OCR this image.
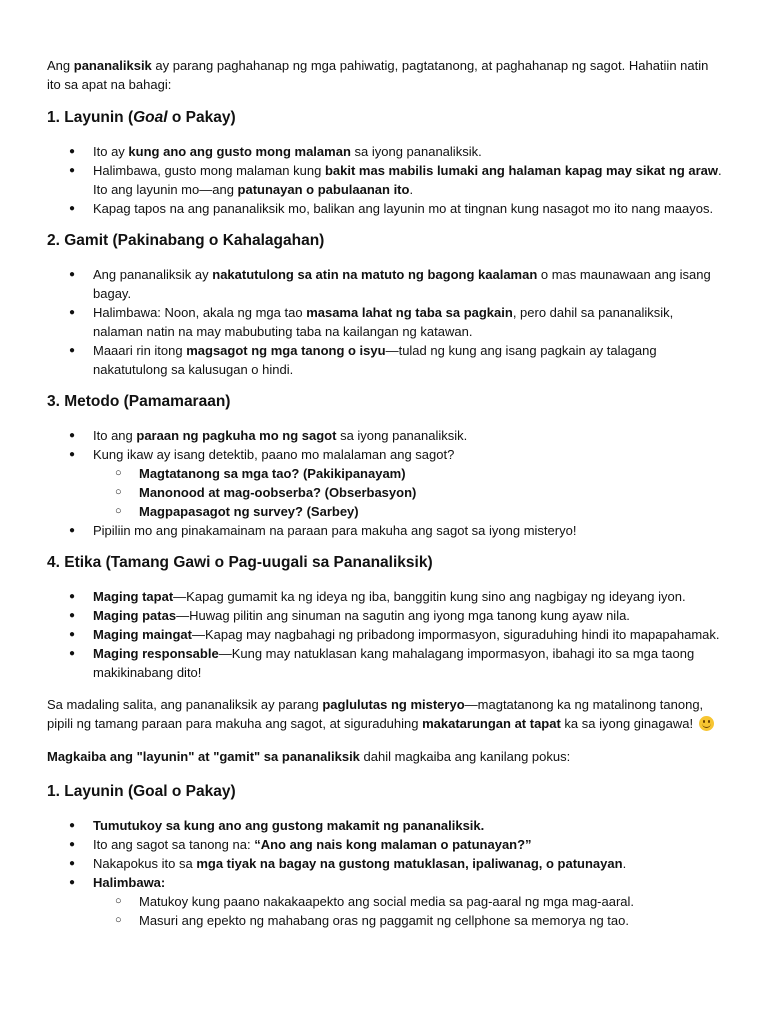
Ang pananaliksik ay parang paghahanap ng mga pahiwatig, pagtatanong, at paghahanap ng sagot. Hahatiin natin ito sa apat na bahagi:

1. Layunin (Goal o Pakay)
● Ito ay kung ano ang gusto mong malaman sa iyong pananaliksik.
● Halimbawa, gusto mong malaman kung bakit mas mabilis lumaki ang halaman kapag may sikat ng araw. Ito ang layunin mo—ang patunayan o pabulaanan ito.
● Kapag tapos na ang pananaliksik mo, balikan ang layunin mo at tingnan kung nasagot mo ito nang maayos.
2. Gamit (Pakinabang o Kahalagahan)
● Ang pananaliksik ay nakatutulong sa atin na matuto ng bagong kaalaman o mas maunawaan ang isang bagay.
● Halimbawa: Noon, akala ng mga tao masama lahat ng taba sa pagkain, pero dahil sa pananaliksik, nalaman natin na may mabubuting taba na kailangan ng katawan.
● Maaari rin itong magsagot ng mga tanong o isyu—tulad ng kung ang isang pagkain ay talagang nakatutulong sa kalusugan o hindi.
3. Metodo (Pamamaraan)
● Ito ang paraan ng pagkuha mo ng sagot sa iyong pananaliksik.
● Kung ikaw ay isang detektib, paano mo malalaman ang sagot?
○ Magtatanong sa mga tao? (Pakikipanayam)
○ Manonood at mag-oobserba? (Obserbasyon)
○ Magpapasagot ng survey? (Sarbey)
● Pipiliin mo ang pinakamainam na paraan para makuha ang sagot sa iyong misteryo!
4. Etika (Tamang Gawi o Pag-uugali sa Pananaliksik)
● Maging tapat—Kapag gumamit ka ng ideya ng iba, banggitin kung sino ang nagbigay ng ideyang iyon.
● Maging patas—Huwag pilitin ang sinuman na sagutin ang iyong mga tanong kung ayaw nila.
● Maging maingat—Kapag may nagbahagi ng pribadong impormasyon, siguraduhing hindi ito mapapahamak.
● Maging responsable—Kung may natuklasan kang mahalagang impormasyon, ibahagi ito sa mga taong makikinabang dito!

Sa madaling salita, ang pananaliksik ay parang paglulutas ng misteryo—magtatanong ka ng matalinong tanong, pipili ng tamang paraan para makuha ang sagot, at siguraduhing makatarungan at tapat ka sa iyong ginagawa!

Magkaiba ang "layunin" at "gamit" sa pananaliksik dahil magkaiba ang kanilang pokus:

1. Layunin (Goal o Pakay)
● Tumutukoy sa kung ano ang gustong makamit ng pananaliksik.
● Ito ang sagot sa tanong na: “Ano ang nais kong malaman o patunayan?”
● Nakapokus ito sa mga tiyak na bagay na gustong matuklasan, ipaliwanag, o patunayan.
● Halimbawa:
○ Matukoy kung paano nakakaapekto ang social media sa pag-aaral ng mga mag-aaral.
○ Masuri ang epekto ng mahabang oras ng paggamit ng cellphone sa memorya ng tao.
